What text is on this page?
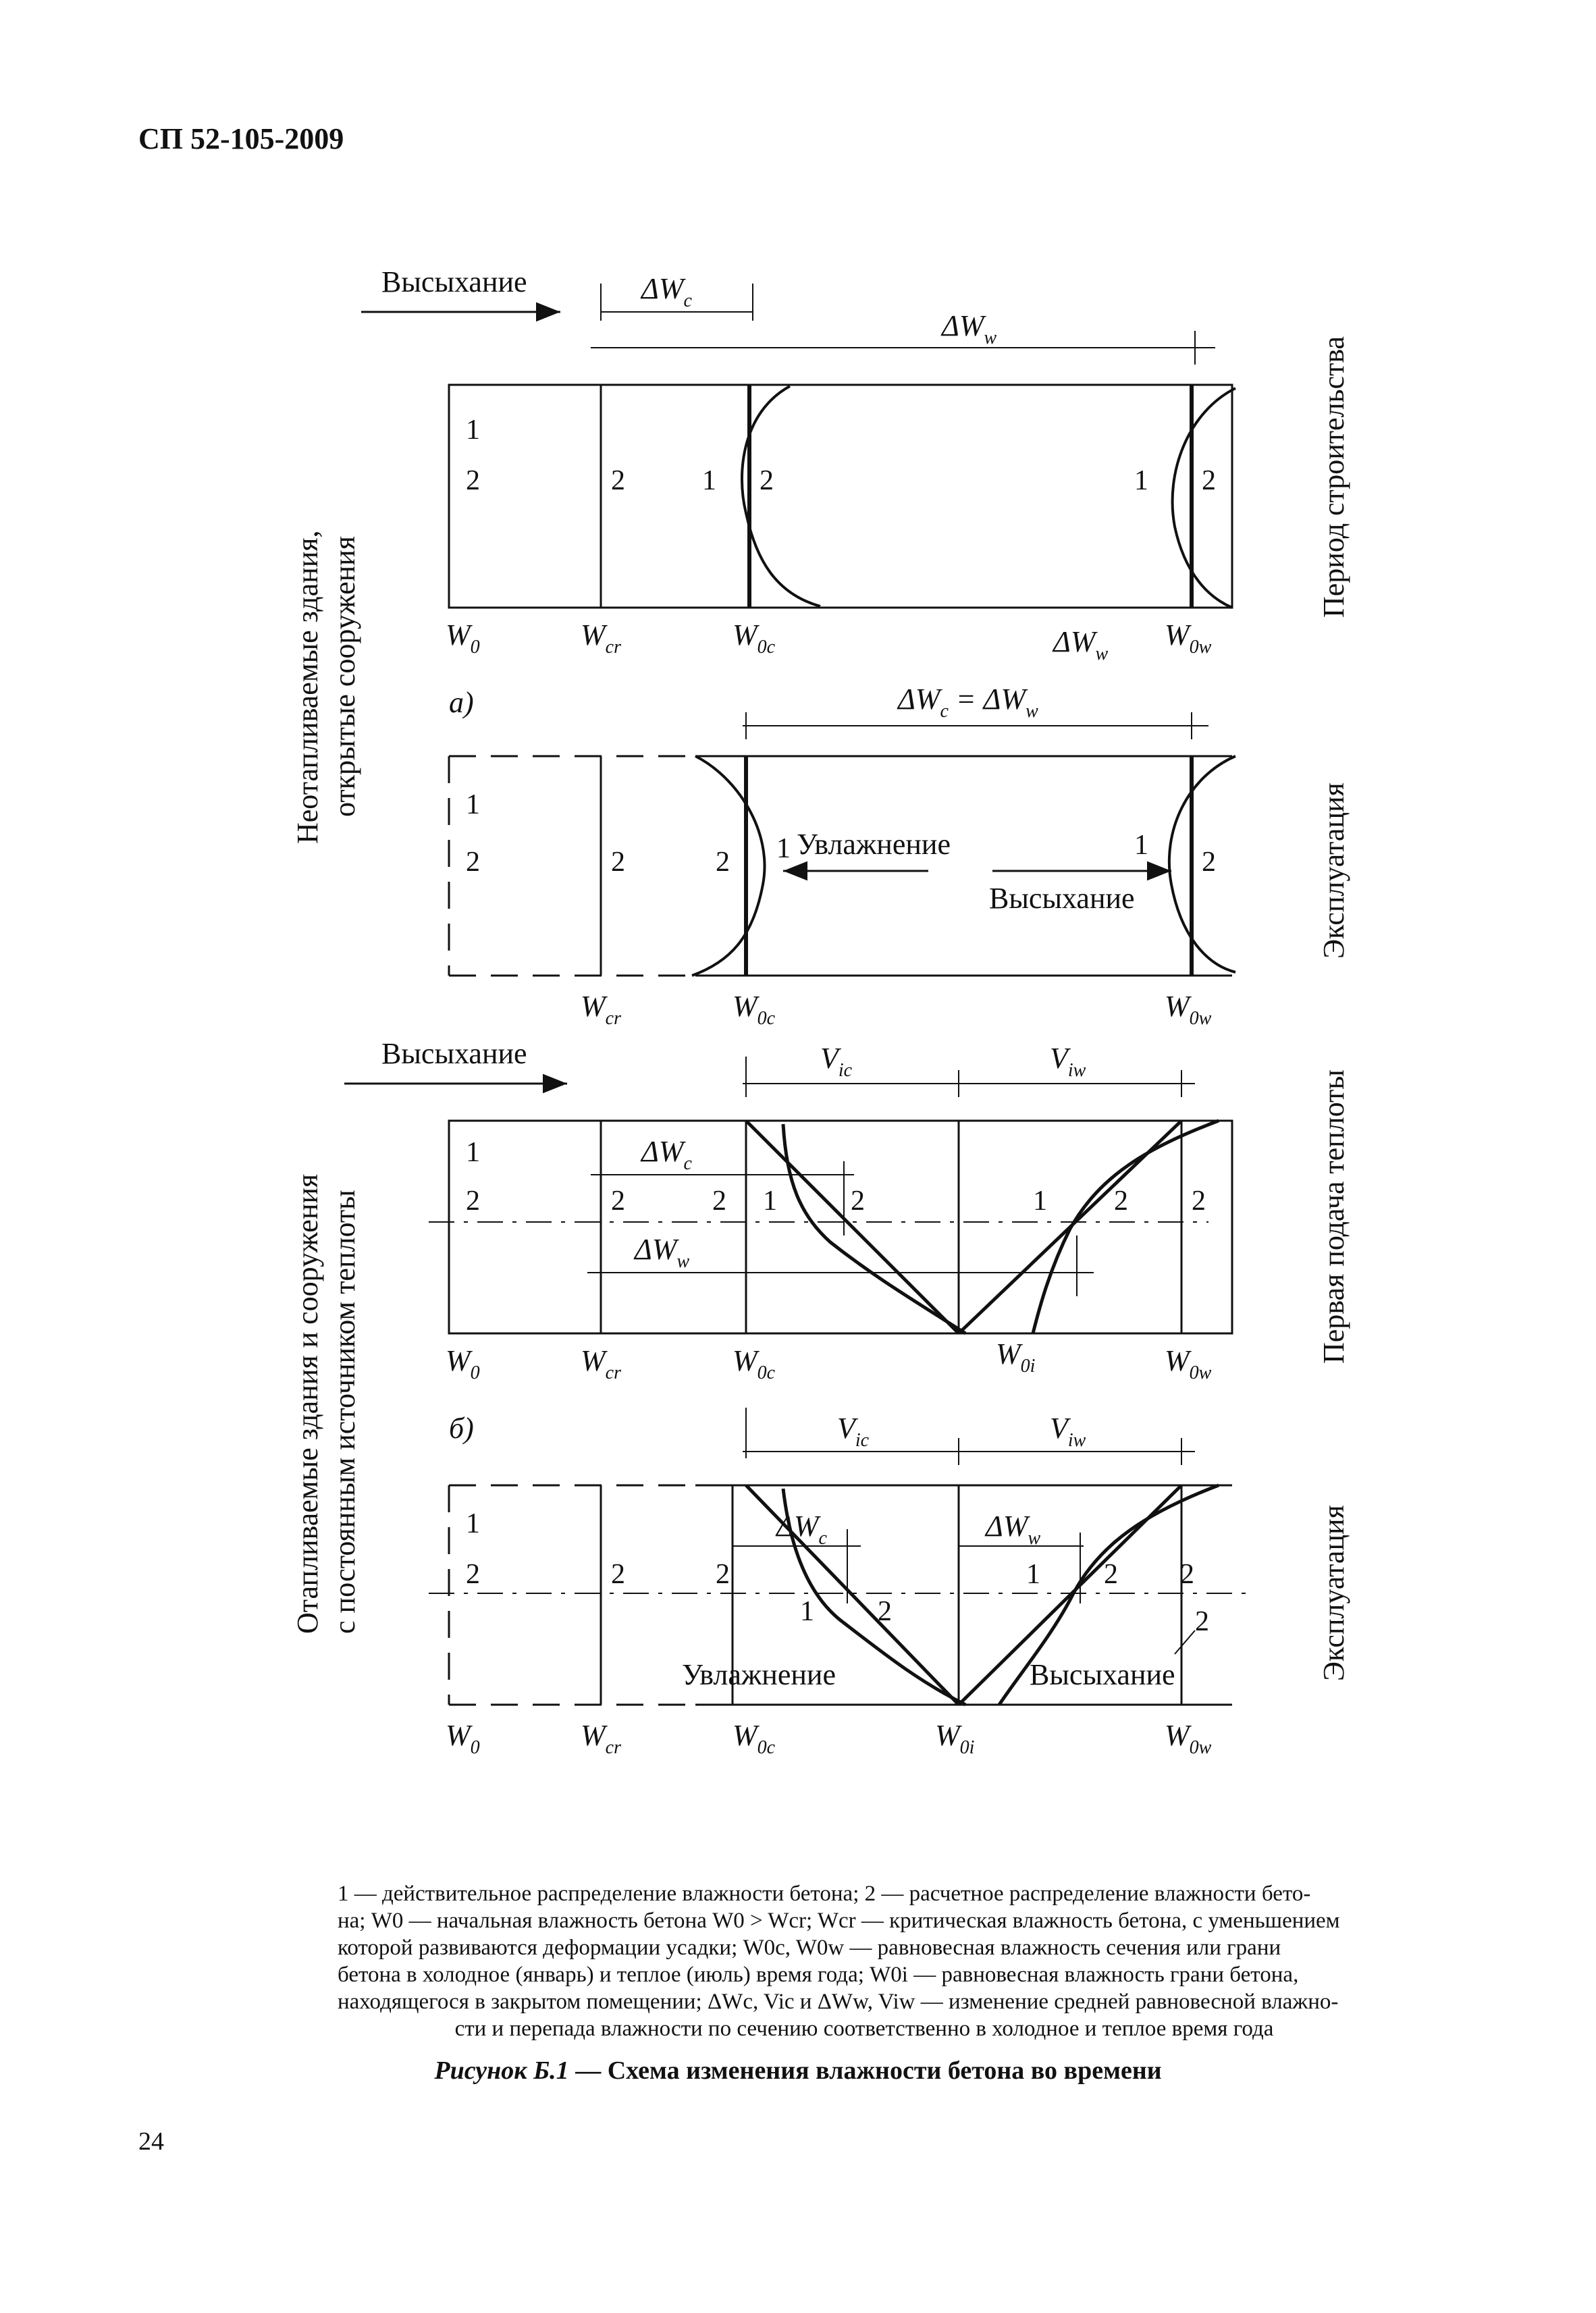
СП 52-105-2009
Неотапливаемые здания, открытые сооружения
Отапливаемые здания и сооружения с постоянным источником теплоты
Период строительства
Эксплуатация
Первая подача теплоты
Эксплуатация
Высыхание	$\Delta W_c$
$\Delta W_w$
1
2	2	1 2	1 2
$W_0$	$W_{cr}$	$W_{0c}$	$\Delta W_w$
$W_{0w}$
а)	$\Delta W_c = \Delta W_w$
1
2	2	2 1 Увлажнение	1
Высыхание
2
$W_{cr}$	$W_{0c}$	$W_{0w}$
Высыхание	$V_{ic}$	$V_{iw}$
$\Delta W_c$
$\Delta W_w$
1
2	2	2 1	2	1 2 2
$W_0$	$W_{cr}$	$W_{0c}$
$W_{0i}$	$W_{0w}$
б)	$V_{ic}$	$V_{iw}$
$\Delta W_c$	$\Delta W_w$
1
2	2	2
1 2
1 2 2
2
Увлажнение	Высыхание
$W_0$	$W_{cr}$	$W_{0c}$	$W_{0i}$	$W_{0w}$
1 — действительное распределение влажности бетона; 2 — расчетное распределение влажности бето-
на; W0 — начальная влажность бетона W0 > Wcr; Wcr — критическая влажность бетона, с уменьшением
которой развиваются деформации усадки; W0c, W0w — равновесная влажность сечения или грани
бетона в холодное (январь) и теплое (июль) время года; W0i — равновесная влажность грани бетона,
находящегося в закрытом помещении; ΔWc, Vic и ΔWw, Viw — изменение средней равновесной влажно-
сти и перепада влажности по сечению соответственно в холодное и теплое время года
Рисунок Б.1 — Схема изменения влажности бетона во времени
24
